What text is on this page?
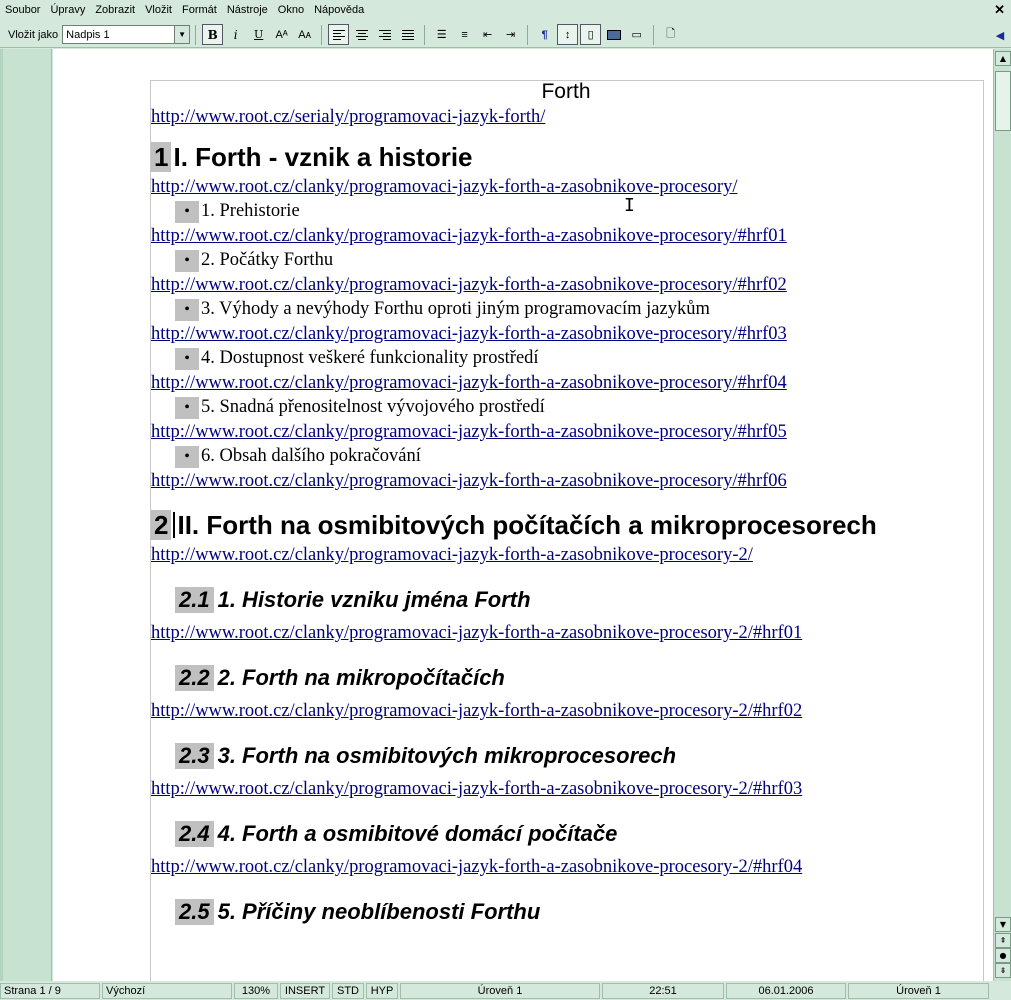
Soubor Úpravy Zobrazit Vložit Formát Nástroje Okno Nápověda	✕
Vložit jako Nadpis 1	▼	B	i	U	Aᴬ Aᴀ	☰ ≡ ⇤ ⇥	¶	↕ ▯	▭ 🗋	◀
Forth
http://www.root.cz/serialy/programovaci-jazyk-forth/
1 I. Forth - vznik a historie
http://www.root.cz/clanky/programovaci-jazyk-forth-a-zasobnikove-procesory/
• 1. Prehistorie
http://www.root.cz/clanky/programovaci-jazyk-forth-a-zasobnikove-procesory/#hrf01
• 2. Počátky Forthu
http://www.root.cz/clanky/programovaci-jazyk-forth-a-zasobnikove-procesory/#hrf02
• 3. Výhody a nevýhody Forthu oproti jiným programovacím jazykům
http://www.root.cz/clanky/programovaci-jazyk-forth-a-zasobnikove-procesory/#hrf03
• 4. Dostupnost veškeré funkcionality prostředí
http://www.root.cz/clanky/programovaci-jazyk-forth-a-zasobnikove-procesory/#hrf04
• 5. Snadná přenositelnost vývojového prostředí
http://www.root.cz/clanky/programovaci-jazyk-forth-a-zasobnikove-procesory/#hrf05
• 6. Obsah dalšího pokračování
http://www.root.cz/clanky/programovaci-jazyk-forth-a-zasobnikove-procesory/#hrf06
2 II. Forth na osmibitových počítačích a mikroprocesorech
http://www.root.cz/clanky/programovaci-jazyk-forth-a-zasobnikove-procesory-2/
2.1 1. Historie vzniku jména Forth
http://www.root.cz/clanky/programovaci-jazyk-forth-a-zasobnikove-procesory-2/#hrf01
2.2 2. Forth na mikropočítačích
http://www.root.cz/clanky/programovaci-jazyk-forth-a-zasobnikove-procesory-2/#hrf02
2.3 3. Forth na osmibitových mikroprocesorech
http://www.root.cz/clanky/programovaci-jazyk-forth-a-zasobnikove-procesory-2/#hrf03
2.4 4. Forth a osmibitové domácí počítače
http://www.root.cz/clanky/programovaci-jazyk-forth-a-zasobnikove-procesory-2/#hrf04
2.5 5. Příčiny neoblíbenosti Forthu
I
▲
▼
⇞
●
⇟
Strana 1 / 9	Výchozí	130%	INSERT	STD	HYP	Úroveň 1	22:51	06.01.2006	Úroveň 1
